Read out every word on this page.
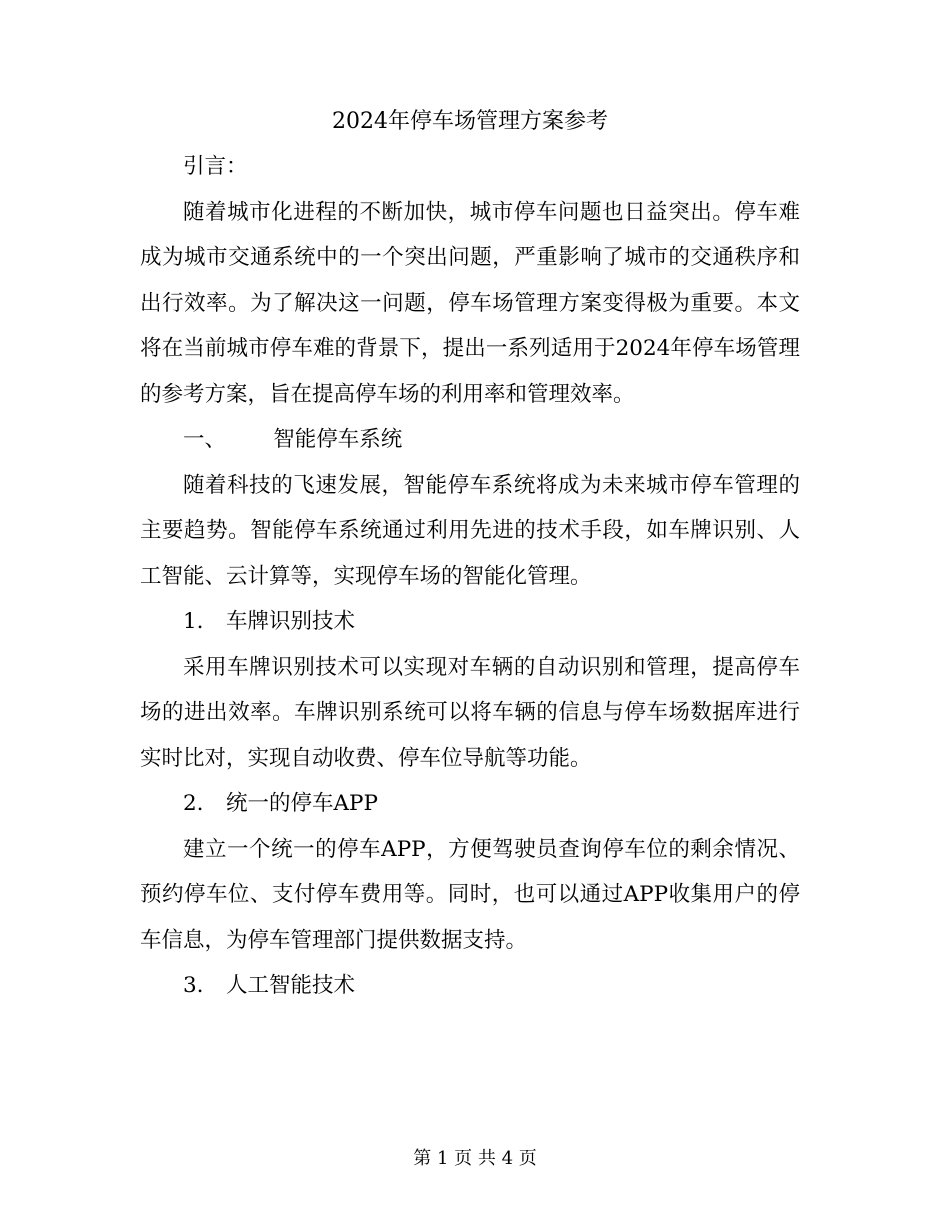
2024年停车场管理方案参考

引言：

随着城市化进程的不断加快，城市停车问题也日益突出。停车难成为城市交通系统中的一个突出问题，严重影响了城市的交通秩序和出行效率。为了解决这一问题，停车场管理方案变得极为重要。本文将在当前城市停车难的背景下，提出一系列适用于2024年停车场管理的参考方案，旨在提高停车场的利用率和管理效率。

一、 智能停车系统

随着科技的飞速发展，智能停车系统将成为未来城市停车管理的主要趋势。智能停车系统通过利用先进的技术手段，如车牌识别、人工智能、云计算等，实现停车场的智能化管理。

1. 车牌识别技术

采用车牌识别技术可以实现对车辆的自动识别和管理，提高停车场的进出效率。车牌识别系统可以将车辆的信息与停车场数据库进行实时比对，实现自动收费、停车位导航等功能。

2. 统一的停车APP

建立一个统一的停车APP，方便驾驶员查询停车位的剩余情况、预约停车位、支付停车费用等。同时，也可以通过APP收集用户的停车信息，为停车管理部门提供数据支持。

3. 人工智能技术

第 1 页 共 4 页
